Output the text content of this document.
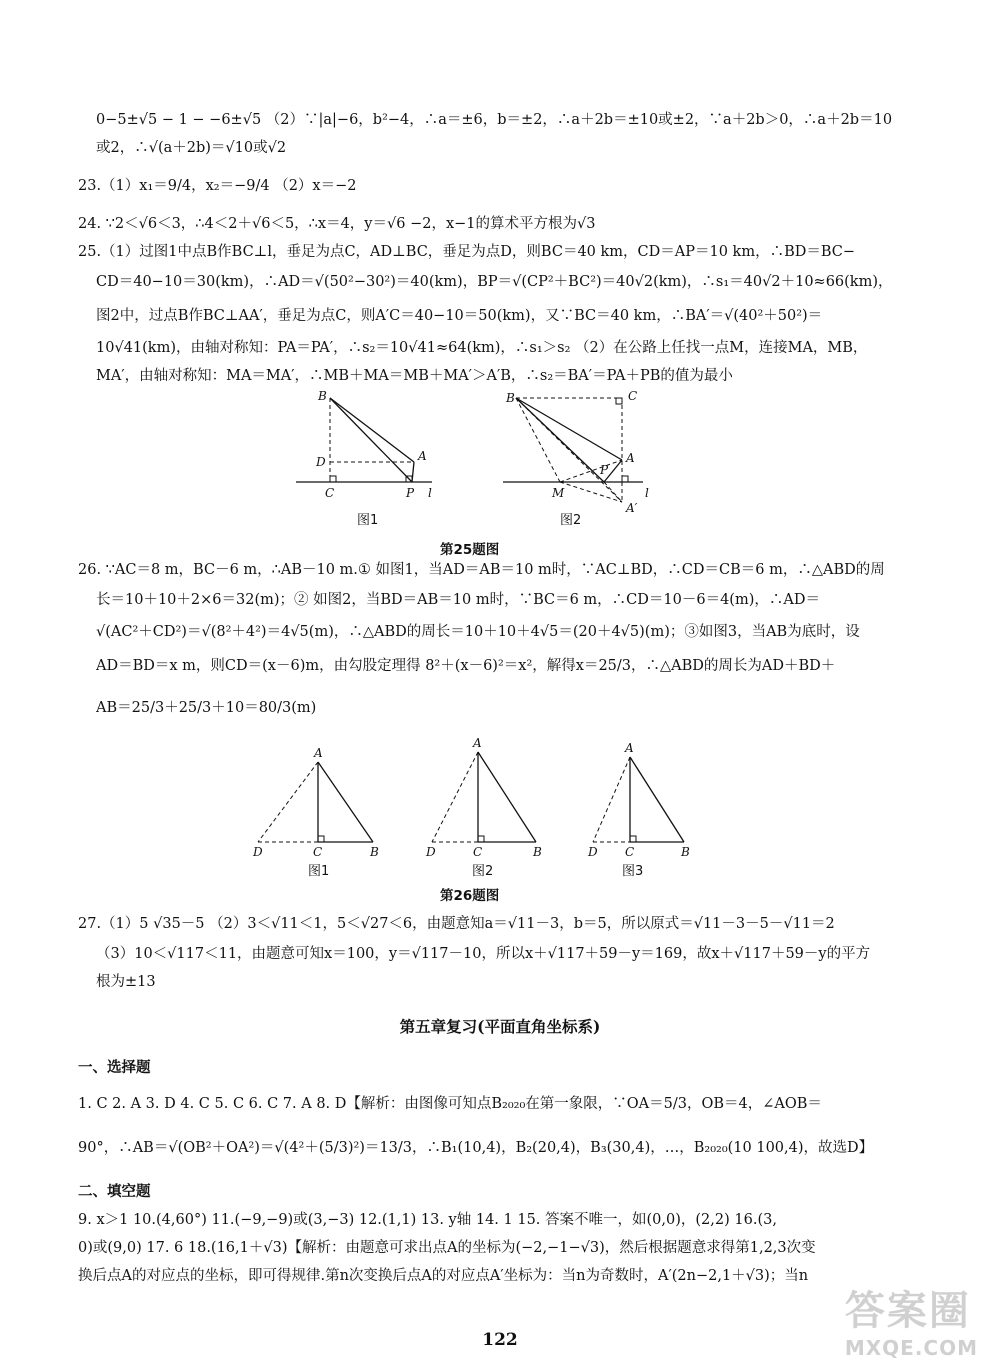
0−5±√5 − 1 − −6±√5 （2）∵|a|−6，b²−4，∴a＝±6，b＝±2，∴a＋2b＝±10或±2，∵a＋2b＞0，∴a＋2b＝10
或2，∴√(a＋2b)＝√10或√2
23.（1）x₁＝9/4，x₂＝−9/4 （2）x＝−2
24. ∵2＜√6＜3，∴4＜2＋√6＜5，∴x＝4，y＝√6 −2，x−1的算术平方根为√3
25.（1）过图1中点B作BC⊥l，垂足为点C，AD⊥BC，垂足为点D，则BC＝40 km，CD＝AP＝10 km，∴BD＝BC−
CD＝40−10＝30(km)，∴AD＝√(50²−30²)＝40(km)，BP＝√(CP²＋BC²)＝40√2(km)，∴s₁＝40√2＋10≈66(km)，
图2中，过点B作BC⊥AA′，垂足为点C，则A′C＝40−10＝50(km)，又∵BC＝40 km，∴BA′＝√(40²＋50²)＝
10√41(km)，由轴对称知：PA＝PA′，∴s₂＝10√41≈64(km)，∴s₁＞s₂ （2）在公路上任找一点M，连接MA，MB，
MA′，由轴对称知：MA＝MA′，∴MB＋MA＝MB＋MA′＞A′B，∴s₂＝BA′＝PA＋PB的值为最小
B
D	A
C	P l
B	C
A
P
M	l
A′
A
D	C	B
A
D	C	B
A
D C	B
图1	图2
第25题图
26. ∵AC＝8 m，BC－6 m，∴AB－10 m.① 如图1，当AD＝AB＝10 m时，∵AC⊥BD，∴CD＝CB＝6 m，∴△ABD的周
长＝10＋10＋2×6＝32(m)；② 如图2，当BD＝AB＝10 m时，∵BC＝6 m，∴CD＝10－6＝4(m)，∴AD＝
√(AC²＋CD²)＝√(8²＋4²)＝4√5(m)，∴△ABD的周长＝10＋10＋4√5＝(20＋4√5)(m)；③如图3，当AB为底时，设
AD＝BD＝x m，则CD＝(x－6)m，由勾股定理得 8²＋(x－6)²＝x²，解得x＝25/3，∴△ABD的周长为AD＋BD＋
AB＝25/3＋25/3＋10＝80/3(m)
图1	图2	图3
第26题图
27.（1）5 √35－5 （2）3＜√11＜1，5＜√27＜6，由题意知a＝√11－3，b＝5，所以原式＝√11－3－5－√11＝2
（3）10＜√117＜11，由题意可知x＝100，y＝√117－10，所以x＋√117＋59－y＝169，故x＋√117＋59－y的平方
根为±13
第五章复习(平面直角坐标系)
一、选择题
1. C 2. A 3. D 4. C 5. C 6. C 7. A 8. D【解析：由图像可知点B₂₀₂₀在第一象限，∵OA＝5/3，OB＝4，∠AOB＝
90°，∴AB＝√(OB²＋OA²)＝√(4²＋(5/3)²)＝13/3，∴B₁(10,4)，B₂(20,4)，B₃(30,4)，…，B₂₀₂₀(10 100,4)，故选D】
二、填空题
9. x＞1 10.(4,60°) 11.(−9,−9)或(3,−3) 12.(1,1) 13. y轴 14. 1 15. 答案不唯一，如(0,0)，(2,2) 16.(3,
0)或(9,0) 17. 6 18.(16,1＋√3)【解析：由题意可求出点A的坐标为(−2,−1−√3)，然后根据题意求得第1,2,3次变
换后点A的对应点的坐标，即可得规律.第n次变换后点A的对应点A′坐标为：当n为奇数时，A′(2n−2,1＋√3)；当n
122
答案圈
MXQE.COM
